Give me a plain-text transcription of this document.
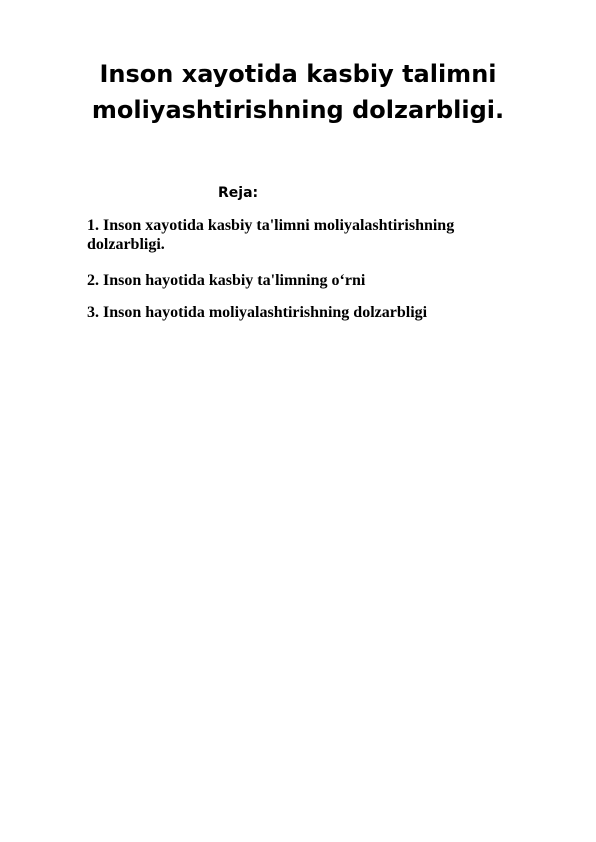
Inson xayotida kasbiy talimni
moliyashtirishning dolzarbligi.

Reja:

1. Inson xayotida kasbiy ta'limni moliyalashtirishning dolzarbligi.
2. Inson hayotida kasbiy ta'limning o‘rni
3. Inson hayotida moliyalashtirishning dolzarbligi
